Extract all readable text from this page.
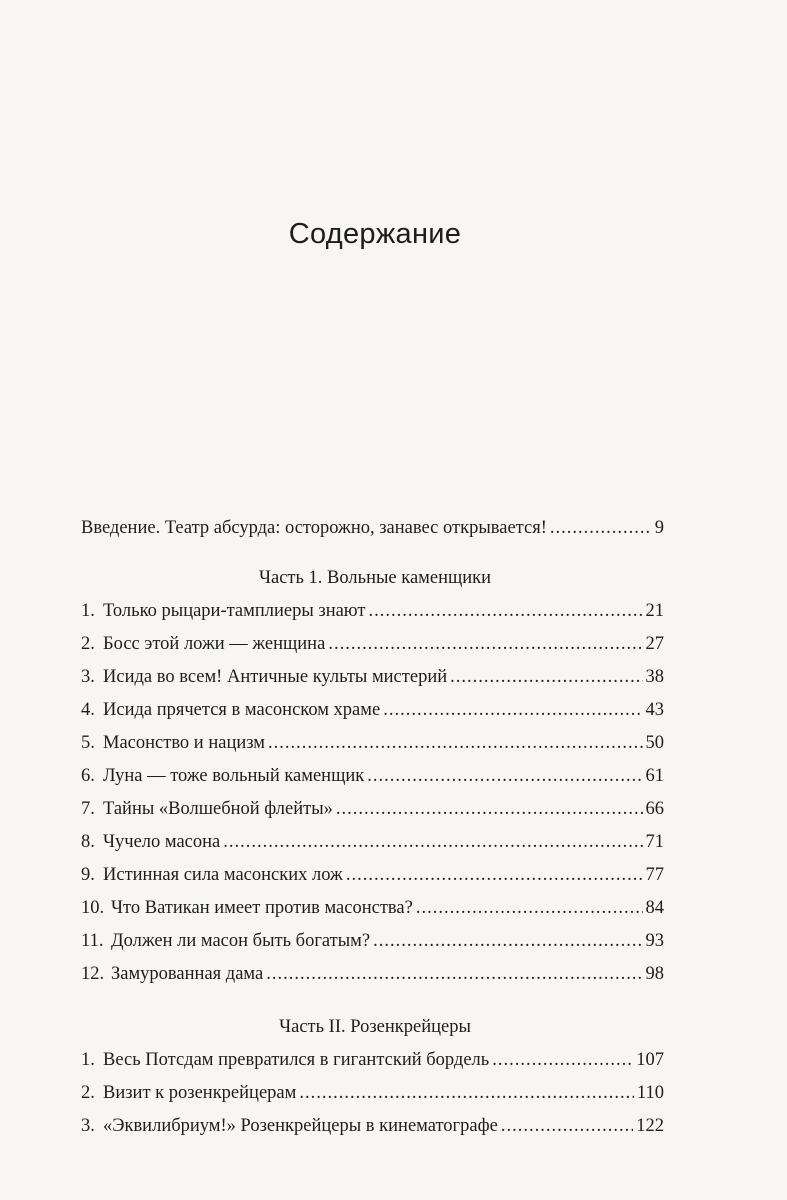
Содержание
Введение. Театр абсурда: осторожно, занавес открывается! .....	9
Часть 1. Вольные каменщики
1. Только рыцари-тамплиеры знают .....	21
2. Босс этой ложи — женщина .....	27
3. Исида во всем! Античные культы мистерий .....	38
4. Исида прячется в масонском храме .....	43
5. Масонство и нацизм .....	50
6. Луна — тоже вольный каменщик .....	61
7. Тайны «Волшебной флейты» .....	66
8. Чучело масона .....	71
9. Истинная сила масонских лож .....	77
10. Что Ватикан имеет против масонства? .....	84
11. Должен ли масон быть богатым? .....	93
12. Замурованная дама .....	98
Часть II. Розенкрейцеры
1. Весь Потсдам превратился в гигантский бордель .....	107
2. Визит к розенкрейцерам .....	110
3. «Эквилибриум!» Розенкрейцеры в кинематографе .....	122
